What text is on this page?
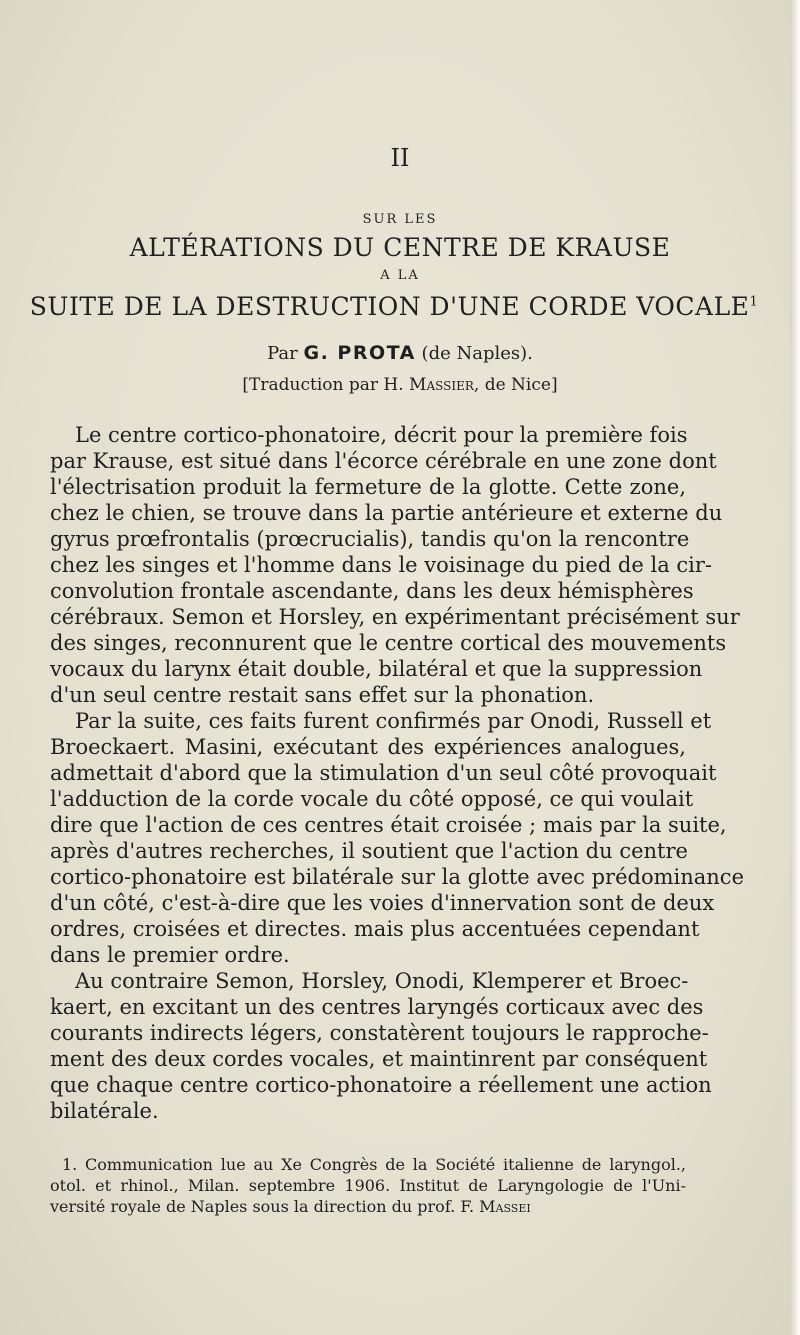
II
SUR LES
ALTÉRATIONS DU CENTRE DE KRAUSE
A LA
SUITE DE LA DESTRUCTION D'UNE CORDE VOCALE$^1$
Par G. PROTA (de Naples).
[Traduction par H. Massier, de Nice]
Le centre cortico-phonatoire, décrit pour la première fois
par Krause, est situé dans l'écorce cérébrale en une zone dont
l'électrisation produit la fermeture de la glotte. Cette zone,
chez le chien, se trouve dans la partie antérieure et externe du
gyrus prœfrontalis (prœcrucialis), tandis qu'on la rencontre
chez les singes et l'homme dans le voisinage du pied de la cir-
convolution frontale ascendante, dans les deux hémisphères
cérébraux. Semon et Horsley, en expérimentant précisément sur
des singes, reconnurent que le centre cortical des mouvements
vocaux du larynx était double, bilatéral et que la suppression
d'un seul centre restait sans effet sur la phonation.
Par la suite, ces faits furent confirmés par Onodi, Russell et
Broeckaert. Masini, exécutant des expériences analogues,
admettait d'abord que la stimulation d'un seul côté provoquait
l'adduction de la corde vocale du côté opposé, ce qui voulait
dire que l'action de ces centres était croisée ; mais par la suite,
après d'autres recherches, il soutient que l'action du centre
cortico-phonatoire est bilatérale sur la glotte avec prédominance
d'un côté, c'est-à-dire que les voies d'innervation sont de deux
ordres, croisées et directes. mais plus accentuées cependant
dans le premier ordre.
Au contraire Semon, Horsley, Onodi, Klemperer et Broec-
kaert, en excitant un des centres laryngés corticaux avec des
courants indirects légers, constatèrent toujours le rapproche-
ment des deux cordes vocales, et maintinrent par conséquent
que chaque centre cortico-phonatoire a réellement une action
bilatérale.
1. Communication lue au Xe Congrès de la Société italienne de laryngol.,
otol. et rhinol., Milan. septembre 1906. Institut de Laryngologie de l'Uni-
versité royale de Naples sous la direction du prof. F. Massei
